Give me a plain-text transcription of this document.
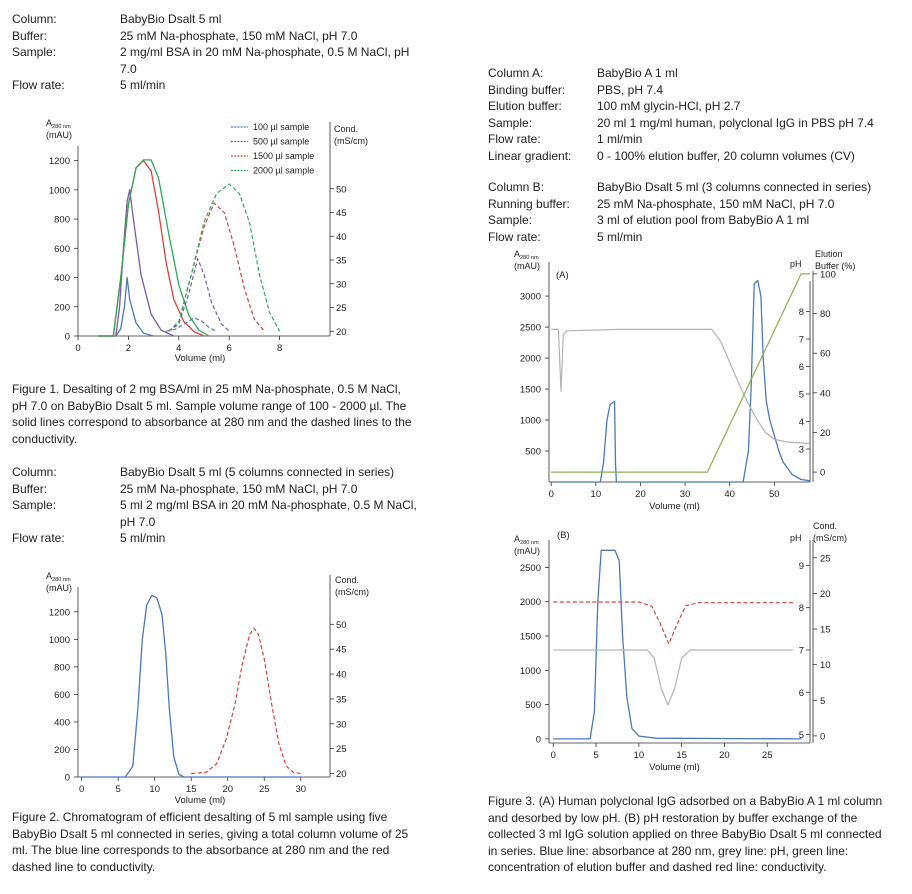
Column:	BabyBio Dsalt 5 ml
Buffer:	25 mM Na-phosphate, 150 mM NaCl, pH 7.0
Sample:	2 mg/ml BSA in 20 mM Na-phosphate, 0.5 M NaCl, pH 7.0
Flow rate:	5 ml/min
0
200
400
600
800
1000
1200
0	2	4	6	8
Volume (ml)
$A_{280 nm}$
(mAU)
20
25
30
35
40
45
50
Cond.
(mS/cm)
100 µl sample
500 µl sample
1500 µl sample
2000 µl sample
Figure 1. Desalting of 2 mg BSA/ml in 25 mM Na-phosphate, 0.5 M NaCl, pH 7.0 on BabyBio Dsalt 5 ml. Sample volume range of 100 - 2000 µl. The solid lines correspond to absorbance at 280 nm and the dashed lines to the conductivity.
Column:	BabyBio Dsalt 5 ml (5 columns connected in series)
Buffer:	25 mM Na-phosphate, 150 mM NaCl, pH 7.0
Sample:	5 ml 2 mg/ml BSA in 20 mM Na-phosphate, 0.5 M NaCl, pH 7.0
Flow rate:	5 ml/min
0
200
400
600
800
1000
1200
0	5	10	15	20	25	30
Volume (ml)
$A_{280 nm}$
(mAU)
20
25
30
35
40
45
50
Cond.
(mS/cm)
Figure 2. Chromatogram of efficient desalting of 5 ml sample using five BabyBio Dsalt 5 ml connected in series, giving a total column volume of 25 ml. The blue line corresponds to the absorbance at 280 nm and the red dashed line to conductivity.
Column A:	BabyBio A 1 ml
Binding buffer:	PBS, pH 7.4
Elution buffer:	100 mM glycin-HCl, pH 2.7
Sample:	20 ml 1 mg/ml human, polyclonal IgG in PBS pH 7.4
Flow rate:	1 ml/min
Linear gradient: 0 - 100% elution buffer, 20 column volumes (CV)
Column B:	BabyBio Dsalt 5 ml (3 columns connected in series)
Running buffer: 25 mM Na-phosphate, 150 mM NaCl, pH 7.0
Sample:	3 ml of elution pool from BabyBio A 1 ml
Flow rate:	5 ml/min
500
1000
1500
2000
2500
3000
0	10	20	30	40	50
Volume (ml)
$A_{280 nm}$
(mAU)
3
4
5
6
7
8
0
20
40
60
80
100
Elution
Buffer (%)
(A)
pH
0
500
1000
1500
2000
2500
0	5	10	15	20	25
Volume (ml)
$A_{280 nm}$
(mAU)
5
6
7
8
9
0
5
10
15
20
25
Cond.
(mS/cm)
(B)	pH
Figure 3. (A) Human polyclonal IgG adsorbed on a BabyBio A 1 ml column and desorbed by low pH. (B) pH restoration by buffer exchange of the collected 3 ml IgG solution applied on three BabyBio Dsalt 5 ml connected in series. Blue line: absorbance at 280 nm, grey line: pH, green line: concentration of elution buffer and dashed red line: conductivity.
